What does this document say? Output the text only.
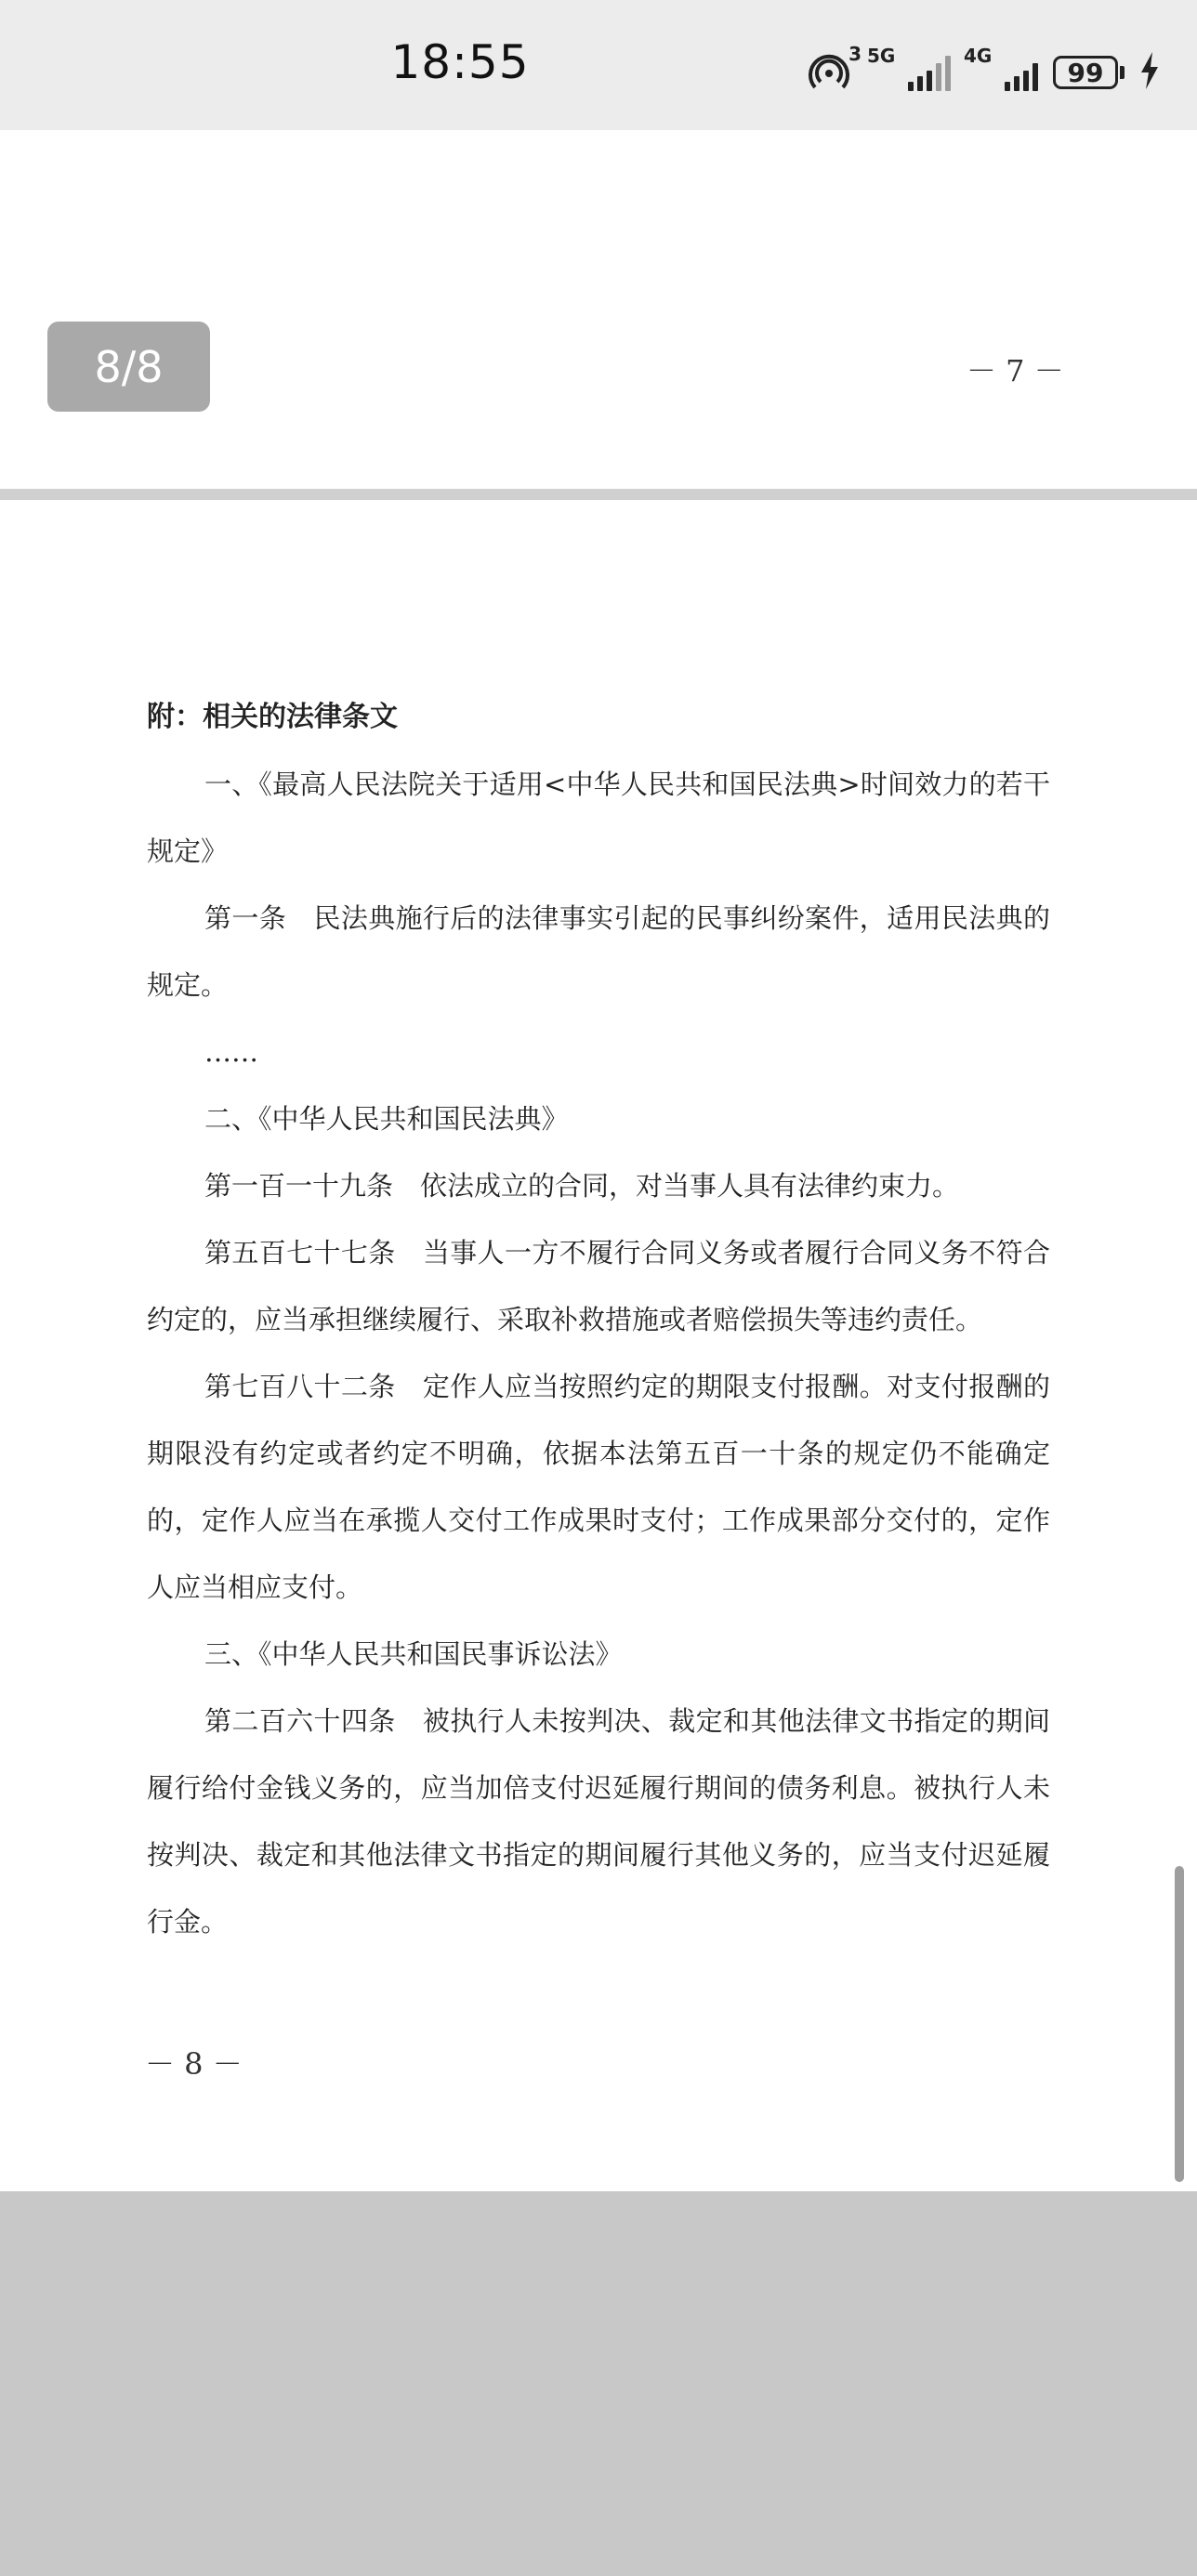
18:55	3 5G	4G
99
8/8	－ 7 －

附：相关的法律条文

一、《最高人民法院关于适用<中华人民共和国民法典>时间效力的若干规定》

第一条　民法典施行后的法律事实引起的民事纠纷案件，适用民法典的规定。

……

二、《中华人民共和国民法典》

第一百一十九条　依法成立的合同，对当事人具有法律约束力。

第五百七十七条　当事人一方不履行合同义务或者履行合同义务不符合约定的，应当承担继续履行、采取补救措施或者赔偿损失等违约责任。

第七百八十二条　定作人应当按照约定的期限支付报酬。对支付报酬的期限没有约定或者约定不明确，依据本法第五百一十条的规定仍不能确定的，定作人应当在承揽人交付工作成果时支付；工作成果部分交付的，定作人应当相应支付。

三、《中华人民共和国民事诉讼法》

第二百六十四条　被执行人未按判决、裁定和其他法律文书指定的期间履行给付金钱义务的，应当加倍支付迟延履行期间的债务利息。被执行人未按判决、裁定和其他法律文书指定的期间履行其他义务的，应当支付迟延履行金。

－ 8 －
